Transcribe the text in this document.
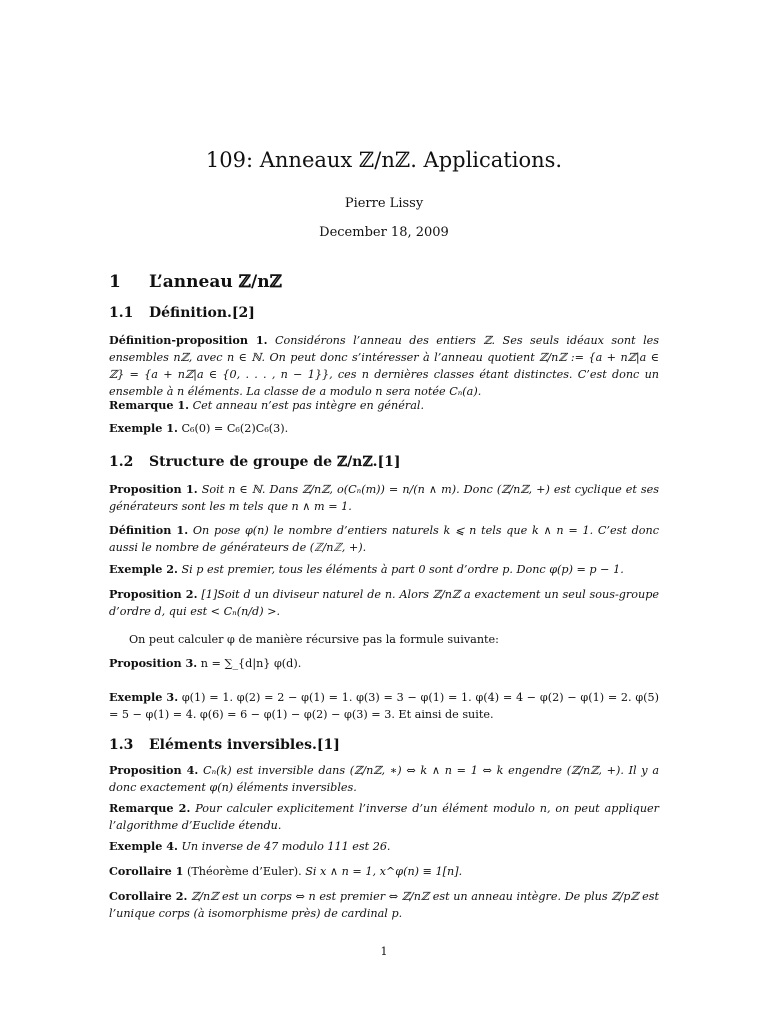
109: Anneaux ℤ/nℤ. Applications.
Pierre Lissy
December 18, 2009
1 L’anneau ℤ/nℤ
1.1 Définition.[2]
Définition-proposition 1. Considérons l’anneau des entiers ℤ. Ses seuls idéaux sont les ensembles nℤ, avec n ∈ ℕ. On peut donc s’intéresser à l’anneau quotient ℤ/nℤ := {a + nℤ|a ∈ ℤ} = {a + nℤ|a ∈ {0, . . . , n − 1}}, ces n dernières classes étant distinctes. C’est donc un ensemble à n éléments. La classe de a modulo n sera notée Cₙ(a).
Remarque 1. Cet anneau n’est pas intègre en général.
Exemple 1. C₆(0) = C₆(2)C₆(3).
1.2 Structure de groupe de ℤ/nℤ.[1]
Proposition 1. Soit n ∈ ℕ. Dans ℤ/nℤ, o(Cₙ(m)) = n/(n ∧ m). Donc (ℤ/nℤ, +) est cyclique et ses générateurs sont les m tels que n ∧ m = 1.
Définition 1. On pose φ(n) le nombre d’entiers naturels k ⩽ n tels que k ∧ n = 1. C’est donc aussi le nombre de générateurs de (ℤ/nℤ, +).
Exemple 2. Si p est premier, tous les éléments à part 0 sont d’ordre p. Donc φ(p) = p − 1.
Proposition 2. [1]Soit d un diviseur naturel de n. Alors ℤ/nℤ a exactement un seul sous-groupe d’ordre d, qui est < Cₙ(n/d) >.
On peut calculer φ de manière récursive pas la formule suivante:
Proposition 3. n = ∑_{d|n} φ(d).
Exemple 3. φ(1) = 1. φ(2) = 2 − φ(1) = 1. φ(3) = 3 − φ(1) = 1. φ(4) = 4 − φ(2) − φ(1) = 2. φ(5) = 5 − φ(1) = 4. φ(6) = 6 − φ(1) − φ(2) − φ(3) = 3. Et ainsi de suite.
1.3 Eléments inversibles.[1]
Proposition 4. Cₙ(k) est inversible dans (ℤ/nℤ, ∗) ⇔ k ∧ n = 1 ⇔ k engendre (ℤ/nℤ, +). Il y a donc exactement φ(n) éléments inversibles.
Remarque 2. Pour calculer explicitement l’inverse d’un élément modulo n, on peut appliquer l’algorithme d’Euclide étendu.
Exemple 4. Un inverse de 47 modulo 111 est 26.
Corollaire 1 (Théorème d’Euler). Si x ∧ n = 1, x^φ(n) ≡ 1[n].
Corollaire 2. ℤ/nℤ est un corps ⇔ n est premier ⇔ ℤ/nℤ est un anneau intègre. De plus ℤ/pℤ est l’unique corps (à isomorphisme près) de cardinal p.
1
